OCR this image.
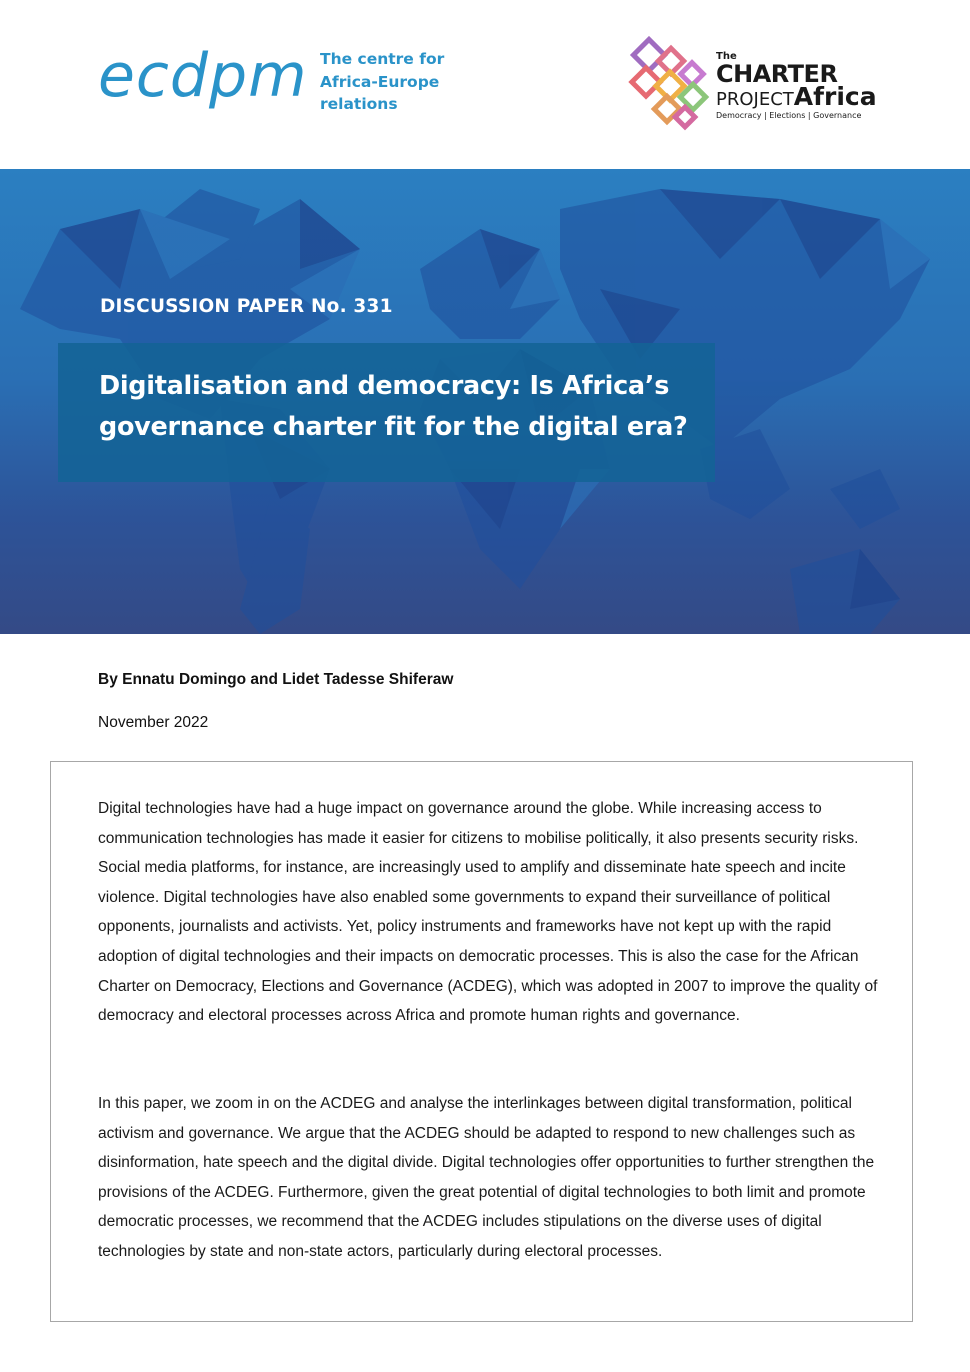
ecdpm The centre for
Africa-Europe
relations
The
CHARTER
PROJECTAfrica
Democracy | Elections | Governance
DISCUSSION PAPER No. 331
Digitalisation and democracy: Is Africa’s governance charter fit for the digital era?
By Ennatu Domingo and Lidet Tadesse Shiferaw
November 2022

Digital technologies have had a huge impact on governance around the globe. While increasing access to communication technologies has made it easier for citizens to mobilise politically, it also presents security risks. Social media platforms, for instance, are increasingly used to amplify and disseminate hate speech and incite violence. Digital technologies have also enabled some governments to expand their surveillance of political opponents, journalists and activists. Yet, policy instruments and frameworks have not kept up with the rapid adoption of digital technologies and their impacts on democratic processes. This is also the case for the African Charter on Democracy, Elections and Governance (ACDEG), which was adopted in 2007 to improve the quality of democracy and electoral processes across Africa and promote human rights and governance.

In this paper, we zoom in on the ACDEG and analyse the interlinkages between digital transformation, political activism and governance. We argue that the ACDEG should be adapted to respond to new challenges such as disinformation, hate speech and the digital divide. Digital technologies offer opportunities to further strengthen the provisions of the ACDEG. Furthermore, given the great potential of digital technologies to both limit and promote democratic processes, we recommend that the ACDEG includes stipulations on the diverse uses of digital technologies by state and non-state actors, particularly during electoral processes.
